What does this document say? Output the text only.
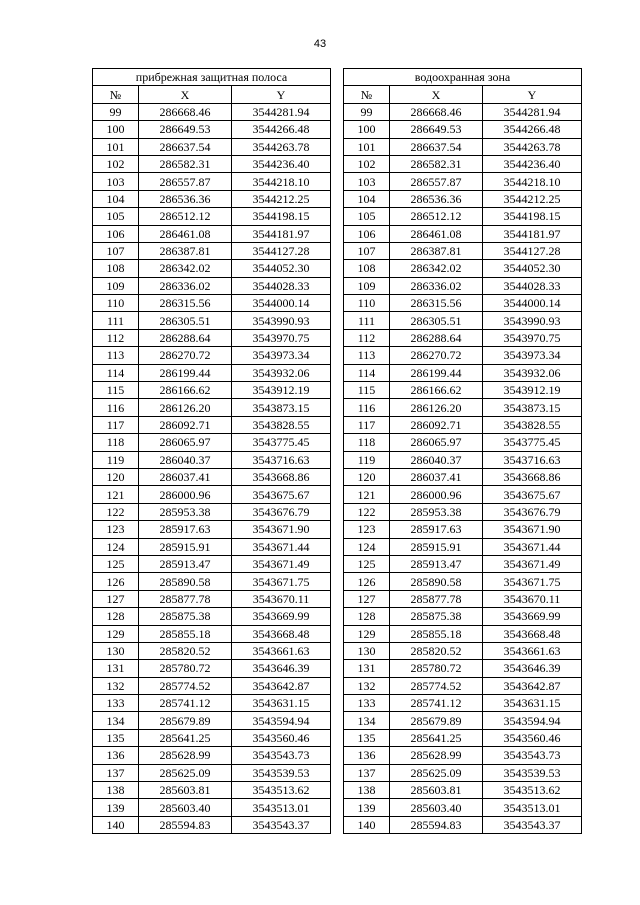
43
прибрежная защитная полоса		
№	X	Y
99	286668.46	3544281.94
100	286649.53	3544266.48
101	286637.54	3544263.78
102	286582.31	3544236.40
103	286557.87	3544218.10
104	286536.36	3544212.25
105	286512.12	3544198.15
106	286461.08	3544181.97
107	286387.81	3544127.28
108	286342.02	3544052.30
109	286336.02	3544028.33
110	286315.56	3544000.14
111	286305.51	3543990.93
112	286288.64	3543970.75
113	286270.72	3543973.34
114	286199.44	3543932.06
115	286166.62	3543912.19
116	286126.20	3543873.15
117	286092.71	3543828.55
118	286065.97	3543775.45
119	286040.37	3543716.63
120	286037.41	3543668.86
121	286000.96	3543675.67
122	285953.38	3543676.79
123	285917.63	3543671.90
124	285915.91	3543671.44
125	285913.47	3543671.49
126	285890.58	3543671.75
127	285877.78	3543670.11
128	285875.38	3543669.99
129	285855.18	3543668.48
130	285820.52	3543661.63
131	285780.72	3543646.39
132	285774.52	3543642.87
133	285741.12	3543631.15
134	285679.89	3543594.94
135	285641.25	3543560.46
136	285628.99	3543543.73
137	285625.09	3543539.53
138	285603.81	3543513.62
139	285603.40	3543513.01
140	285594.83	3543543.37
водоохранная зона		
№	X	Y
99	286668.46	3544281.94
100	286649.53	3544266.48
101	286637.54	3544263.78
102	286582.31	3544236.40
103	286557.87	3544218.10
104	286536.36	3544212.25
105	286512.12	3544198.15
106	286461.08	3544181.97
107	286387.81	3544127.28
108	286342.02	3544052.30
109	286336.02	3544028.33
110	286315.56	3544000.14
111	286305.51	3543990.93
112	286288.64	3543970.75
113	286270.72	3543973.34
114	286199.44	3543932.06
115	286166.62	3543912.19
116	286126.20	3543873.15
117	286092.71	3543828.55
118	286065.97	3543775.45
119	286040.37	3543716.63
120	286037.41	3543668.86
121	286000.96	3543675.67
122	285953.38	3543676.79
123	285917.63	3543671.90
124	285915.91	3543671.44
125	285913.47	3543671.49
126	285890.58	3543671.75
127	285877.78	3543670.11
128	285875.38	3543669.99
129	285855.18	3543668.48
130	285820.52	3543661.63
131	285780.72	3543646.39
132	285774.52	3543642.87
133	285741.12	3543631.15
134	285679.89	3543594.94
135	285641.25	3543560.46
136	285628.99	3543543.73
137	285625.09	3543539.53
138	285603.81	3543513.62
139	285603.40	3543513.01
140	285594.83	3543543.37
